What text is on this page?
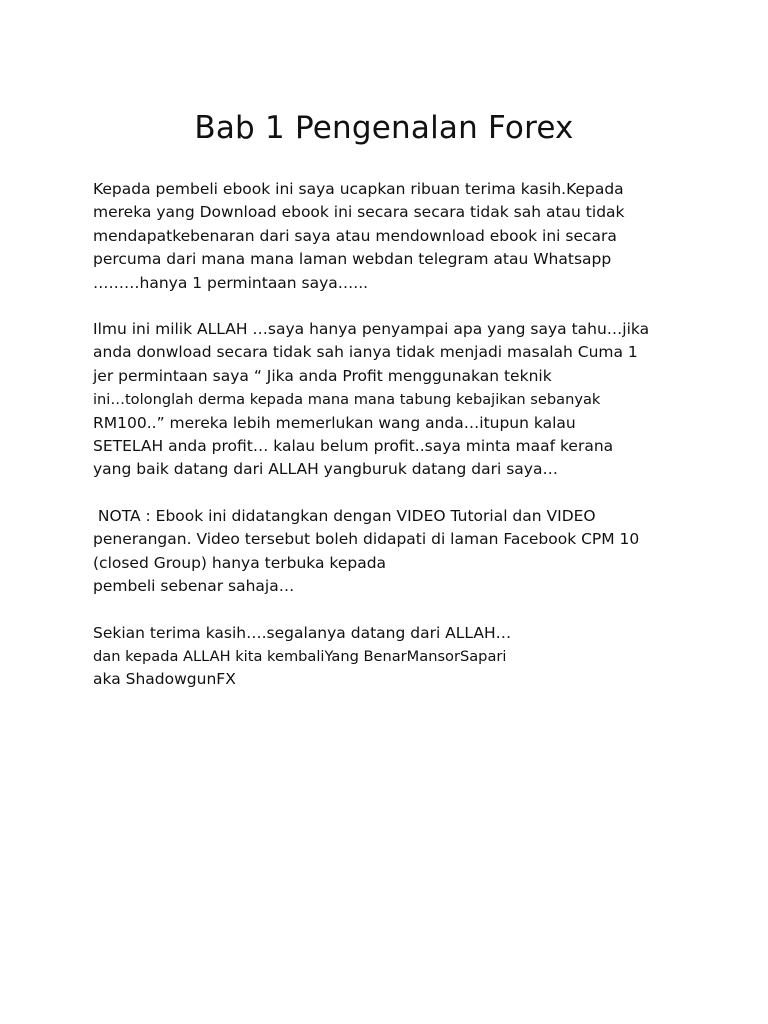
Bab 1 Pengenalan Forex
Kepada pembeli ebook ini saya ucapkan ribuan terima kasih.Kepada
mereka yang Download ebook ini secara secara tidak sah atau tidak
mendapatkebenaran dari saya atau mendownload ebook ini secara
percuma dari mana mana laman webdan telegram atau Whatsapp
………hanya 1 permintaan saya…...
Ilmu ini milik ALLAH …saya hanya penyampai apa yang saya tahu…jika
anda donwload secara tidak sah ianya tidak menjadi masalah Cuma 1
jer permintaan saya “ Jika anda Profit menggunakan teknik
ini…tolonglah derma kepada mana mana tabung kebajikan sebanyak
RM100..” mereka lebih memerlukan wang anda…itupun kalau
SETELAH anda profit… kalau belum profit..saya minta maaf kerana
yang baik datang dari ALLAH yangburuk datang dari saya…
NOTA : Ebook ini didatangkan dengan VIDEO Tutorial dan VIDEO
penerangan. Video tersebut boleh didapati di laman Facebook CPM 10
(closed Group) hanya terbuka kepada
pembeli sebenar sahaja…
Sekian terima kasih….segalanya datang dari ALLAH…
dan kepada ALLAH kita kembaliYang BenarMansorSapari
aka ShadowgunFX
